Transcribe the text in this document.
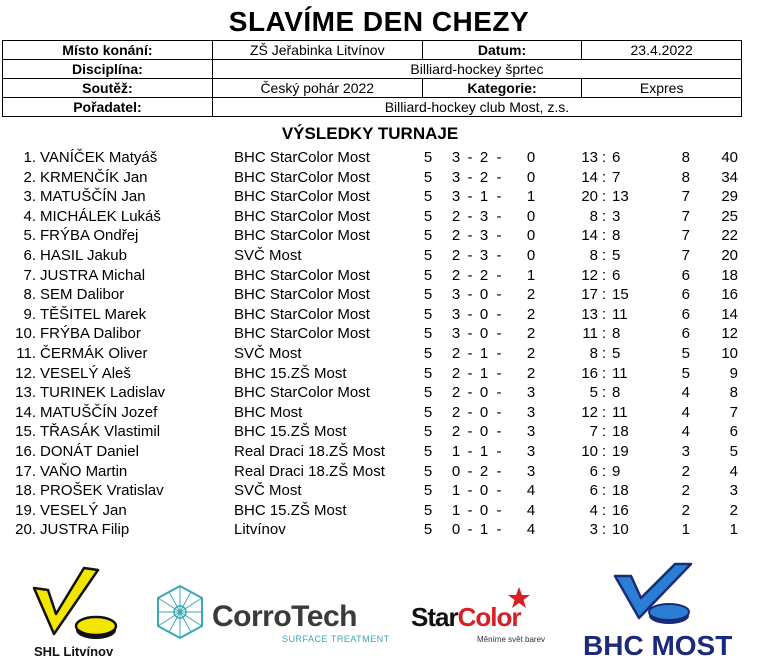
SLAVÍME DEN CHEZY
Místo konání:	ZŠ Jeřabinka Litvínov	Datum:	23.4.2022
Disciplína:	Billiard-hockey šprtec		
Soutěž:	Český pohár 2022	Kategorie:	Expres
Pořadatel:	Billiard-hockey club Most, z.s.		
VÝSLEDKY TURNAJE
1. VANÍČEK Matyáš	BHC StarColor Most	5 3 - 2 - 0	13 : 6	8	40
2. KRMENČÍK Jan	BHC StarColor Most	5 3 - 2 - 0	14 : 7	8	34
3. MATUŠČÍN Jan	BHC StarColor Most	5 3 - 1 - 1	20 : 13	7	29
4. MICHÁLEK Lukáš	BHC StarColor Most	5 2 - 3 - 0	8 : 3	7	25
5. FRÝBA Ondřej	BHC StarColor Most	5 2 - 3 - 0	14 : 8	7	22
6. HASIL Jakub	SVČ Most	5 2 - 3 - 0	8 : 5	7	20
7. JUSTRA Michal	BHC StarColor Most	5 2 - 2 - 1	12 : 6	6	18
8. SEM Dalibor	BHC StarColor Most	5 3 - 0 - 2	17 : 15	6	16
9. TĚŠITEL Marek	BHC StarColor Most	5 3 - 0 - 2	13 : 11	6	14
10. FRÝBA Dalibor	BHC StarColor Most	5 3 - 0 - 2	11 : 8	6	12
11. ČERMÁK Oliver	SVČ Most	5 2 - 1 - 2	8 : 5	5	10
12. VESELÝ Aleš	BHC 15.ZŠ Most	5 2 - 1 - 2	16 : 11	5	9
13. TURINEK Ladislav	BHC StarColor Most	5 2 - 0 - 3	5 : 8	4	8
14. MATUŠČÍN Jozef	BHC Most	5 2 - 0 - 3	12 : 11	4	7
15. TŘASÁK Vlastimil	BHC 15.ZŠ Most	5 2 - 0 - 3	7 : 18	4	6
16. DONÁT Daniel	Real Draci 18.ZŠ Most	5 1 - 1 - 3	10 : 19	3	5
17. VAŇO Martin	Real Draci 18.ZŠ Most	5 0 - 2 - 3	6 : 9	2	4
18. PROŠEK Vratislav	SVČ Most	5 1 - 0 - 4	6 : 18	2	3
19. VESELÝ Jan	BHC 15.ZŠ Most	5 1 - 0 - 4	4 : 16	2	2
20. JUSTRA Filip	Litvínov	5 0 - 1 - 4	3 : 10	1	1
SHL Litvínov
CorroTech
SURFACE TREATMENT
StarColor
Měníme svět barev BHC MOST
